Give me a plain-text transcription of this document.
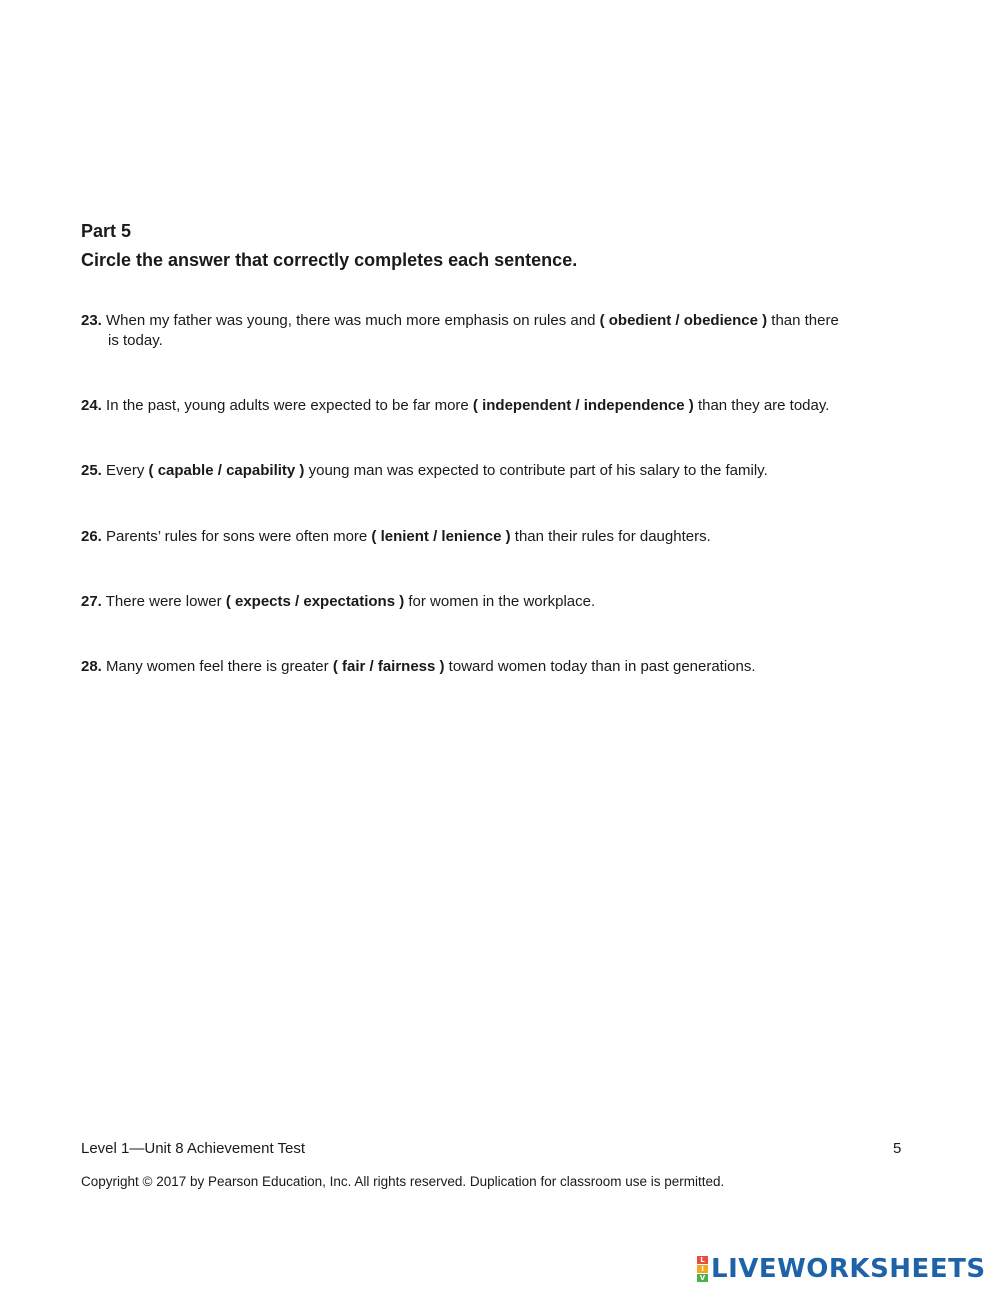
Part 5
Circle the answer that correctly completes each sentence.

23. When my father was young, there was much more emphasis on rules and ( obedient / obedience ) than there
is today.

24. In the past, young adults were expected to be far more ( independent / independence ) than they are today.

25. Every ( capable / capability ) young man was expected to contribute part of his salary to the family.

26. Parents’ rules for sons were often more ( lenient / lenience ) than their rules for daughters.

27. There were lower ( expects / expectations ) for women in the workplace.

28. Many women feel there is greater ( fair / fairness ) toward women today than in past generations.

Level 1—Unit 8 Achievement Test	5
Copyright © 2017 by Pearson Education, Inc. All rights reserved. Duplication for classroom use is permitted.
L
I
V LIVEWORKSHEETS
